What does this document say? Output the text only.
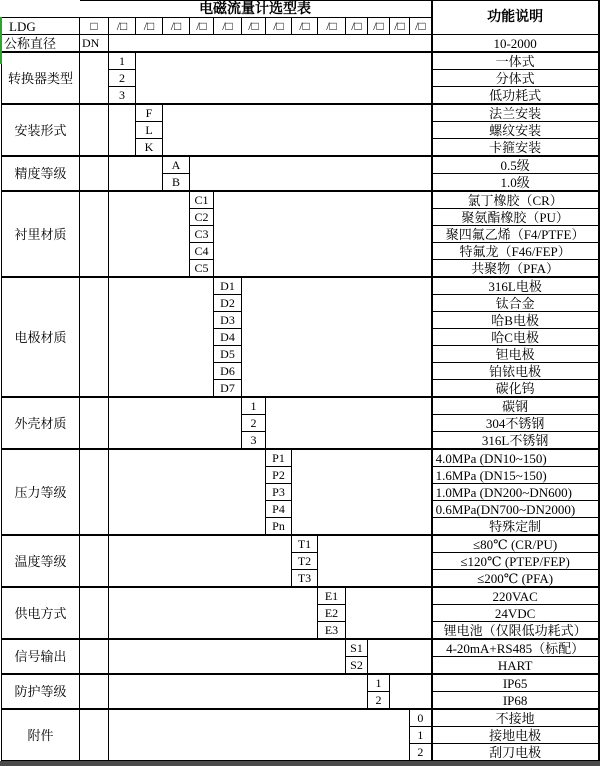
	电磁流量计选型表														功能说明
LDG	□	/□	/□	/□	/□	/□	/□	/□	/□	/□	/□	/□	/□	/□	
公称直径	DN														10-2000
转换器类型		1													一体式
		2													分体式
		3													低功耗式
安装形式			F												法兰安装
			L												螺纹安装
			K												卡箍安装
精度等级				A											0.5级
				B											1.0级
衬里材质					C1										氯丁橡胶（CR）
					C2										聚氨酯橡胶（PU）
					C3										聚四氟乙烯（F4/PTFE）
					C4										特氟龙（F46/FEP）
					C5										共聚物（PFA）
电极材质						D1									316L电极
						D2									钛合金
						D3									哈B电极
						D4									哈C电极
						D5									钽电极
						D6									铂铱电极
						D7									碳化钨
外壳材质							1								碳钢
							2								304不锈钢
							3								316L不锈钢
压力等级								P1							4.0MPa (DN10~150)
								P2							1.6MPa (DN15~150)
								P3							1.0MPa (DN200~DN600)
								P4							0.6MPa(DN700~DN2000)
								Pn							特殊定制
温度等级									T1						≤80℃ (CR/PU)
									T2						≤120℃ (PTEP/FEP)
									T3						≤200℃ (PFA)
供电方式										E1					220VAC
										E2					24VDC
										E3					锂电池（仅限低功耗式）
信号输出											S1				4-20mA+RS485（标配）
											S2				HART
防护等级												1			IP65
												2			IP68
附件														0	不接地
														1	接地电极
														2	刮刀电极
